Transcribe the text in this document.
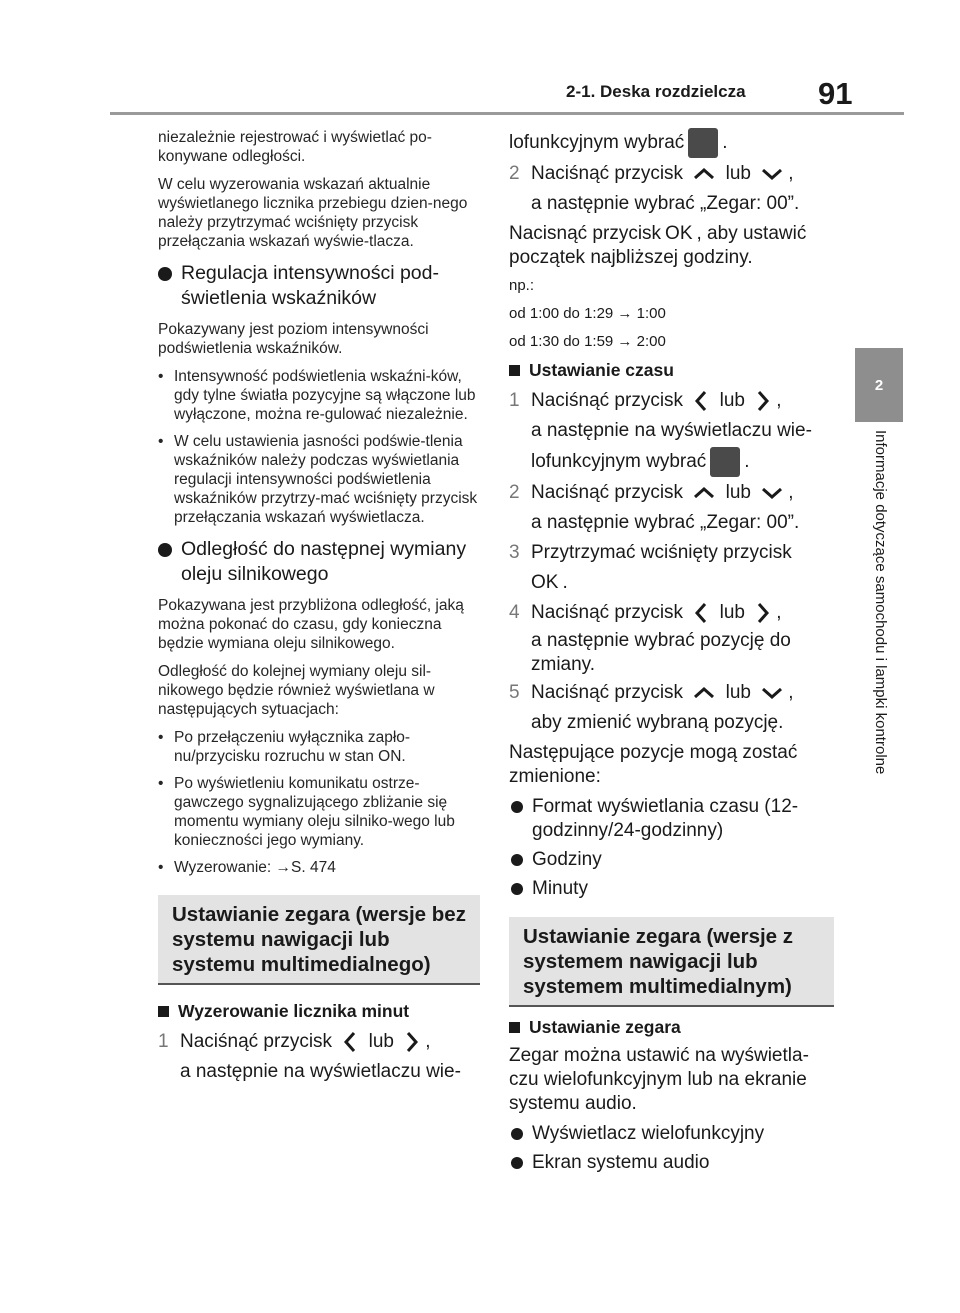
2-1. Deska rozdzielcza 91
2
Informacje dotyczące samochodu i lampki kontrolne

niezależnie rejestrować i wyświetlać po-konywane odległości.

W celu wyzerowania wskazań aktualnie wyświetlanego licznika przebiegu dzien-nego należy przytrzymać wciśnięty przycisk przełączania wskazań wyświe-tlacza.

Regulacja intensywności pod-świetlenia wskaźników

Pokazywany jest poziom intensywności podświetlenia wskaźników.

• Intensywność podświetlenia wskaźni-ków, gdy tylne światła pozycyjne są włączone lub wyłączone, można re-gulować niezależnie.
• W celu ustawienia jasności podświe-tlenia wskaźników należy podczas wyświetlania regulacji intensywności podświetlenia wskaźników przytrzy-mać wciśnięty przycisk przełączania wskazań wyświetlacza.
Odległość do następnej wymiany oleju silnikowego

Pokazywana jest przybliżona odległość, jaką można pokonać do czasu, gdy konieczna będzie wymiana oleju silnikowego.

Odległość do kolejnej wymiany oleju sil-nikowego będzie również wyświetlana w następujących sytuacjach:

• Po przełączeniu wyłącznika zapło-nu/przycisku rozruchu w stan ON.
• Po wyświetleniu komunikatu ostrze-gawczego sygnalizującego zbliżanie się momentu wymiany oleju silniko-wego lub konieczności jego wymiany.
• Wyzerowanie: →S. 474
Ustawianie zegara (wersje bez systemu nawigacji lub systemu multimedialnego)
Wyzerowanie licznika minut
1 Naciśnąć przycisk lub ,
a następnie na wyświetlaczu wie-
lofunkcyjnym wybrać .
2 Naciśnąć przycisk lub ,
a następnie wybrać „Zegar: 00”.

Nacisnąć przycisk OK , aby ustawić początek najbliższej godziny.

np.:

od 1:00 do 1:29 → 1:00

od 1:30 do 1:59 → 2:00

Ustawianie czasu
1 Naciśnąć przycisk lub ,
a następnie na wyświetlaczu wie-
lofunkcyjnym wybrać .
2 Naciśnąć przycisk lub ,
a następnie wybrać „Zegar: 00”.
3 Przytrzymać wciśnięty przycisk
OK .
4 Naciśnąć przycisk lub ,
a następnie wybrać pozycję do zmiany.
5 Naciśnąć przycisk lub ,
aby zmienić wybraną pozycję.

Następujące pozycje mogą zostać zmienione:

Format wyświetlania czasu (12-godzinny/24-godzinny)
Godziny
Minuty
Ustawianie zegara (wersje z systemem nawigacji lub systemem multimedialnym)
Ustawianie zegara

Zegar można ustawić na wyświetla-czu wielofunkcyjnym lub na ekranie systemu audio.

Wyświetlacz wielofunkcyjny
Ekran systemu audio
